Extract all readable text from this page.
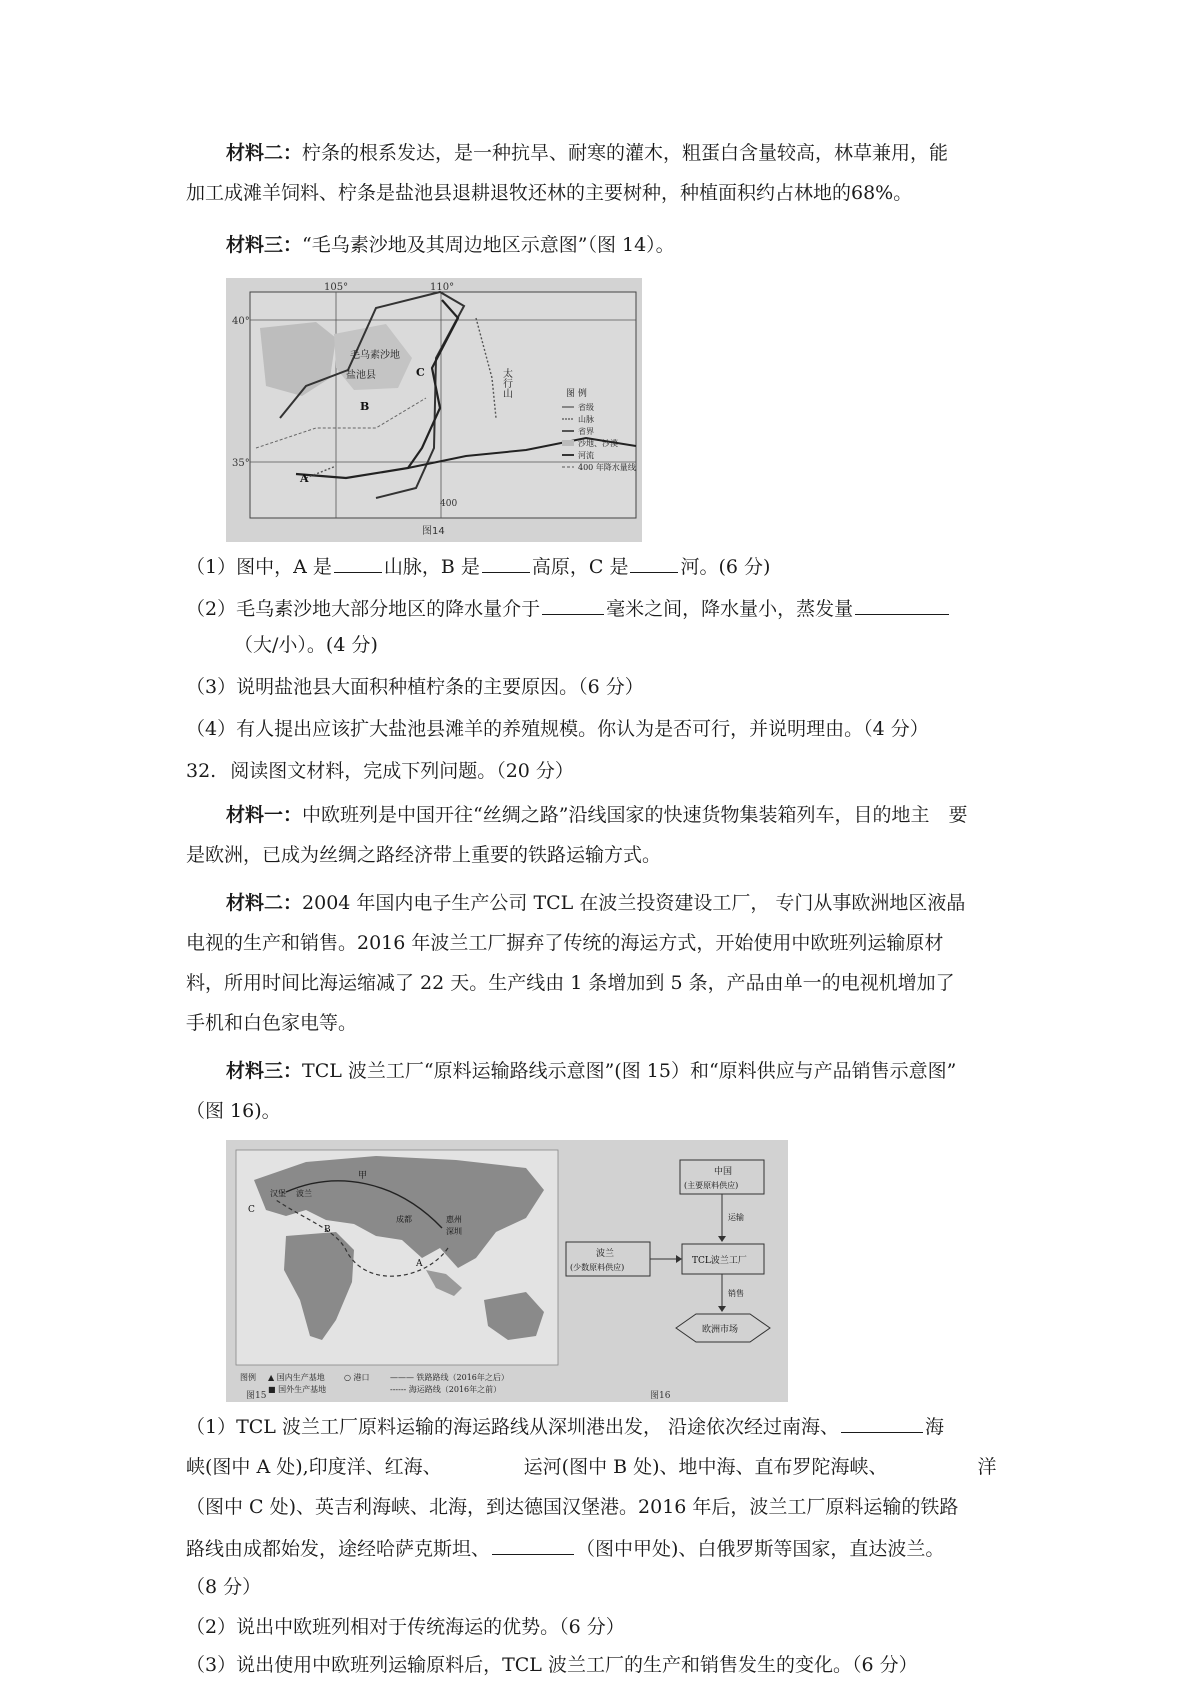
材料二：柠条的根系发达，是一种抗旱、耐寒的灌木，粗蛋白含量较高，林草兼用，能
加工成滩羊饲料、柠条是盐池县退耕退牧还林的主要树种，种植面积约占林地的68%。
材料三：“毛乌素沙地及其周边地区示意图”（图 14）。
105°	110°
40°
35°
毛乌素沙地
盐池县
A
B
C	太行山
400
图 例
省级
山脉
省界
沙地、沙漠
河流
400 年降水量线
图14
（1）图中，A 是	山脉，B 是	高原，C 是	河。(6 分)
（2）毛乌素沙地大部分地区的降水量介于	毫米之间，降水量小，蒸发量
（大/小）。(4 分)
（3）说明盐池县大面积种植柠条的主要原因。（6 分）
（4）有人提出应该扩大盐池县滩羊的养殖规模。你认为是否可行，并说明理由。（4 分）
32. 阅读图文材料，完成下列问题。（20 分）
材料一：中欧班列是中国开往“丝绸之路”沿线国家的快速货物集装箱列车，目的地主　要
是欧洲，已成为丝绸之路经济带上重要的铁路运输方式。
材料二：2004 年国内电子生产公司 TCL 在波兰投资建设工厂， 专门从事欧洲地区液晶
电视的生产和销售。2016 年波兰工厂摒弃了传统的海运方式，开始使用中欧班列运输原材
料，所用时间比海运缩减了 22 天。生产线由 1 条增加到 5 条，产品由单一的电视机增加了
手机和白色家电等。
材料三：TCL 波兰工厂“原料运输路线示意图”(图 15）和“原料供应与产品销售示意图”
（图 16)。
甲
汉堡 波兰
C
B
A
成都	惠州
深圳
图例 ▲ 国内生产基地
■ 国外生产基地
○ 港口	——— 铁路路线（2016年之后）
------ 海运路线（2016年之前）
图15
中国
(主要原料供应)
运输
波兰
(少数原料供应)
TCL波兰工厂
销售
欧洲市场
图16
（1）TCL 波兰工厂原料运输的海运路线从深圳港出发， 沿途依次经过南海、	海
峡(图中 A 处),印度洋、红海、	运河(图中 B 处)、地中海、直布罗陀海峡、	洋
（图中 C 处)、英吉利海峡、北海，到达德国汉堡港。2016 年后，波兰工厂原料运输的铁路
路线由成都始发，途经哈萨克斯坦、	（图中甲处)、白俄罗斯等国家，直达波兰。
（8 分）
（2）说出中欧班列相对于传统海运的优势。（6 分）
（3）说出使用中欧班列运输原料后，TCL 波兰工厂的生产和销售发生的变化。（6 分）
